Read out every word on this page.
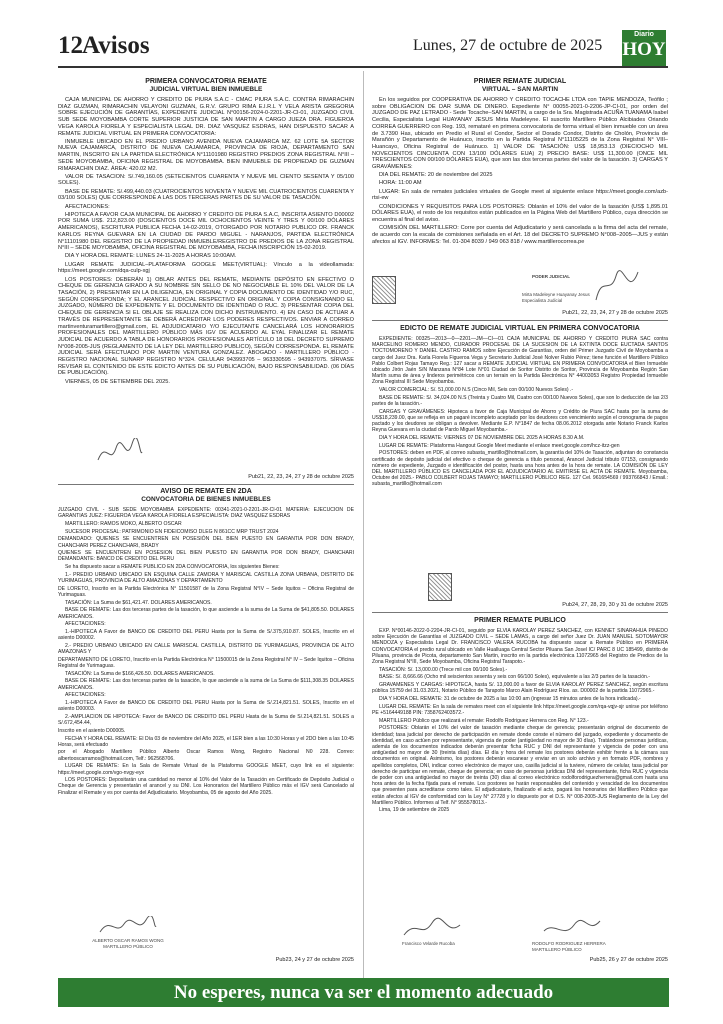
12 Avisos	Lunes, 27 de octubre de 2025
Diario
HOY

PRIMERA CONVOCATORIA REMATE

JUDICIAL VIRTUAL BIEN INMUEBLE

CAJA MUNICIPAL DE AHORRO Y CREDITO DE PIURA S.A.C - CMAC PIURA S.A.C. CONTRA RIMARACHIN DIAZ GUZMAN, RIMARACHIN VELAYONI GUZMAN, G.R.V. GRUPO RIMA E.I.R.L Y VELA ARISTA GREGORIA SOBRE EJECUCIÓN DE GARANTÍAS, EXPEDIENTE JUDICIAL N°00156-2024-0-2201-JR-CI-01, JUZGADO CIVIL SUB SEDE MOYOBAMBA CORTE SUPERIOR JUSTICIA DE SAN MARTIN A CARGO JUEZA DRA. FIGUEROA VEGA KAROLA FIORELA Y ESPECIALISTA LEGAL DR. DIAZ VASQUEZ ESDRAS, HAN DISPUESTO SACAR A REMATE JUDICIAL VIRTUAL EN PRIMERA CONVOCATORIA:

INMUEBLE UBICADO EN EL PREDIO URBANO AVENIDA NUEVA CAJAMARCA MZ. 62 LOTE 5A SECTOR NUEVA CAJAMARCA, DISTRITO DE NUEVA CAJAMARCA, PROVINCIA DE RIOJA, DEPARTAMENTO SAN MARTIN, INSCRITO EN LA PARTIDA ELECTRÓNICA N°11101980 REGISTRO PREDIOS ZONA REGISTRAL N°III – SEDE MOYOBAMBA, OFICINA REGISTRAL DE MOYOBAMBA. BIEN INMUEBLE DE PROPIEDAD DE GUZMAN RIMARACHIN DIAZ. ÁREA: 420.02 M2.

VALOR DE TASACION: S/.749,160.05 (SETECIENTOS CUARENTA Y NUEVE MIL CIENTO SESENTA Y 05/100 SOLES).

BASE DE REMATE: S/.499,440.03 (CUATROCIENTOS NOVENTA Y NUEVE MIL CUATROCIENTOS CUARENTA Y 03/100 SOLES) QUE CORRESPONDE A LAS DOS TERCERAS PARTES DE SU VALOR DE TASACIÓN.

AFECTACIONES:

HIPOTECA A FAVOR CAJA MUNICIPAL DE AHORRO Y CREDITO DE PIURA S.A.C, INSCRITA ASIENTO D00002 POR SUMA US$. 212,823.00 (DOSCIENTOS DOCE MIL OCHOCIENTOS VEINTE Y TRES Y 00/100 DÓLARES AMERICANOS), ESCRITURA PUBLICA FECHA 14-02-2019, OTORGADO POR NOTARIO PUBLICO DR. FRANCK KARLOS REYNA GUEVARA EN LA CIUDAD DE PARDO MIGUEL - NARANJOS, PARTIDA ELECTRÓNICA N°11101980 DEL REGISTRO DE LA PROPIEDAD INMUEBLE/REGISTRO DE PREDIOS DE LA ZONA REGISTRAL N°III – SEDE MOYOBAMBA, OFICINA REGISTRAL DE MOYOBAMBA, FECHA INSCRIPCIÓN 15-02-2019.

DIA Y HORA DEL REMATE: LUNES 24-11-2025 A HORAS 10:00AM.

LUGAR REMATE JUDICIAL–PLATAFORMA GOOGLE MEET(VIRTUAL): Vínculo a la videollamada: https://meet.google.com/dqa-culp-xgj

LOS POSTORES: DEBERÁN 1) OBLAR ANTES DEL REMATE, MEDIANTE DEPÓSITO EN EFECTIVO O CHEQUE DE GERENCIA GIRADO A SU NOMBRE SIN SELLO DE NO NEGOCIABLE EL 10% DEL VALOR DE LA TASACIÓN, 2) PRESENTAR EN LA DILIGENCIA, EN ORIGINAL Y COPIA DOCUMENTO DE IDENTIDAD Y/O RUC, SEGÚN CORRESPONDA; Y EL ARANCEL JUDICIAL RESPECTIVO EN ORIGINAL Y COPIA CONSIGNANDO EL JUZGADO, NÚMERO DE EXPEDIENTE Y EL DOCUMENTO DE IDENTIDAD O RUC. 3) PRESENTAR COPIA DEL CHEQUE DE GERENCIA SI EL OBLAJE SE REALIZA CON DICHO INSTRUMENTO. 4) EN CASO DE ACTUAR A TRAVÉS DE REPRESENTANTE SE DEBERÁ ACREDITAR LOS PODERES RESPECTIVOS. ENVIAR A CORREO martinventuramartillero@gmail.com, EL ADJUDICATARIO Y/O EJECUTANTE CANCELARÁ LOS HONORARIOS PROFESIONALES DEL MARTILLERO PÚBLICO MÁS IGV DE ACUERDO AL EYAL FINALIZAR EL REMATE JUDICIAL DE ACUERDO A TABLA DE HONORARIOS PROFESIONALES ARTÍCULO 18 DEL DECRETO SUPREMO N°008-2005-JUS (REGLAMENTO DE LA LEY DEL MARTILLERO PUBLICO), SEGÚN CORRESPONDA. EL REMATE JUDICIAL SERÁ EFECTUADO POR MARTIN VENTURA GONZALEZ. ABOGADO - MARTILLERO PÚBLICO - REGISTRO NACIONAL SUNARP REGISTRO N°324. CELULAR 943993705 – 963330595 - 943937075. SÍRVASE REVISAR EL CONTENIDO DE ESTE EDICTO ANTES DE SU PUBLICACIÓN, BAJO RESPONSABILIDAD. (06 DÍAS DE PUBLICACIÓN).

VIERNES, 05 DE SETIEMBRE DEL 2025.

Pub21, 22, 23, 24, 27 y 28 de octubre 2025

AVISO DE REMATE EN 2DA

CONVOCATORIA DE BIENES INMUEBLES

JUZGADO CIVIL - SUB SEDE MOYOBAMBA EXPEDIENTE: 00341-2021-0-2201-JR-CI-01 MATERIA: EJECUCION DE GARANTIAS JUEZ: FIGUEROA VEGA KAROLA FIORELA ESPECIALISTA: DIAZ VASQUEZ ESDRAS

MARTILLERO: RAMOS MOKO, ALBERTO OSCAR

SUCESOR PROCESAL: PATRIMONIO EN FIDEICOMISO DLEG N 861CC MRP TRUST 2024

DEMANDADO: QUIENES SE ENCUENTREN EN POSESIÓN DEL BIEN PUESTO EN GARANTIA POR DON BRADY, CHANCHARI PEREZ CHANCHARI, BRADY

QUIENES SE ENCUENTREN EN POSESION DEL BIEN PUESTO EN GARANTIA POR DON BRADY, CHANCHARI DEMANDANTE: BANCO DE CREDITO DEL PERU

Se ha dispuesto sacar a REMATE PUBLICO EN 2DA CONVOCATORIA, los siguientes Bienes:

1.- PREDIO URBANO UBICADO EN ESQUINA CALLE ZAMORA Y MARISCAL CASTILLA ZONA URBANA, DISTRITO DE YURIMAGUAS, PROVINCIA DE ALTO AMAZONAS Y DEPARTAMENTO

DE LORETO, Inscrito en la Partida Electrónica N° 11501587 de la Zona Registral N°IV – Sede Iquitos – Oficina Registral de Yurimaguas.

TASACIÓN: La Suma de $61,421.47. DOLARES AMERICANOS.

BASE DE REMATE: Las dos terceras partes de la tasación, lo que asciende a la suma de La Suma de $41,805.50. DOLARES AMERICANOS.

AFECTACIONES:

1.-HIPOTECA A Favor de BANCO DE CREDITO DEL PERU Hasta por la Suma de S/.375,910.87. SOLES, Inscrito en el asiento D00002.

2.- PREDIO URBANO UBICADO EN CALLE MARISCAL CASTILLA, DISTRITO DE YURIMAGUAS, PROVINCIA DE ALTO AMAZONAS Y

DEPARTAMENTO DE LORETO, Inscrito en la Partida Electrónica N° 11500015 de la Zona Registral N° IV – Sede Iquitos – Oficina Registral de Yurimaguas.

TASACIÓN: La Suma de $166,426.50. DOLARES AMERICANOS.

BASE DE REMATE: Las dos terceras partes de la tasación, lo que asciende a la suma de La Suma de $111,308.35 DOLARES AMERICANOS.

AFECTACIONES:

1.-HIPOTECA A Favor de BANCO DE CREDITO DEL PERU Hasta por la Suma de S/.214,821.51. SOLES, Inscrito en el asiento D00003.

2.-AMPLIACION DE HIPOTECA: Favor de BANCO DE CREDITO DEL PERU Hasta de la Suma de S/.214,821.51. SOLES a S/.672,454.44,

Inscrito en el asiento D00005.

FECHA Y HORA DEL REMATE: El Día 03 de noviembre del Año 2025, el 1ER bien a las 10:30 Horas y el 2DO bien a las 10:45 Horas, será efectuado

por el Abogado Martillero Público Alberto Oscar Ramos Wong, Registro Nacional N0 228. Correo: albertooscarramos@hotmail.com, Telf.: 962568706.

LUGAR DE REMATE: En la Sala de Remate Virtual de la Plataforma GOOGLE MEET, cuyo link es el siguiente: https://meet.google.com/vgo-nvgy-eyx

LOS POSTORES: Depositarán una cantidad no menor al 10% del Valor de la Tasación en Certificado de Depósito Judicial o Cheque de Gerencia y presentarán el arancel y su DNI. Los Honorarios del Martillero Público más el IGV será Cancelado al Finalizar el Remate y es por cuenta del Adjudicatario. Moyobamba, 05 de agosto del Año 2025.

ALBERTO OSCAR RAMOS WONG
MARTILLERO PÚBLICO
Pub23, 24 y 27 de octubre 2025

PRIMER REMATE JUDICIAL

VIRTUAL – SAN MARTIN

En los seguidos por COOPERATIVA DE AHORRO Y CREDITO TOCACHE LTDA con TAPIE MENDOZA, Teófilo ; sobre OBLIGACION DE DAR SUMA DE DINERO. Expediente N° 00055-2021-0-2206-JP-CI-01, por orden del JUZGADO DE PAZ LETRADO - Sede Tocache–SAN MARTIN, a cargo de la Sra. Magistrada ACUÑA TUANAMA Isabel Cecilia, Especialista Legal HUAYANAY JESUS Mirta Madeleyne. El suscrito Martillero Público Alcibiades Oriando CORREA GUERRERO con Reg. 193, remataré en primera convocatoria de forma virtual el bien inmueble con un área de 3.7390 Has, ubicado en Predio el Rural el Condor, Sector el Dorado Condor, Distrito de Cholón, Provincia de Marañón y Departamento de Huánuco, inscrito en la Partida Registral N°11105225 de la Zona Registral N° VIII–Huancayo, Oficina Registral de Huánuco. 1) VALOR DE TASACIÓN: US$ 18,953.13 (DIECIOCHO MIL NOVECIENTOS CINCUENTA CON 13/100 DÓLARES EUA) 2) PRECIO BASE: US$ 11,300.00 (ONCE MIL TRESCIENTOS CON 00/100 DÓLARES EUA), que son las dos terceras partes del valor de la tasación. 3) CARGAS Y GRAVÁMENES:

DIA DEL REMATE: 20 de noviembre del 2025

HORA: 11:00 AM

LUGAR: En sala de remates judiciales virtuales de Google meet al siguiente enlace https://meet.google.com/azb-rtsi-ew

CONDICIONES Y REQUISITOS PARA LOS POSTORES: Oblarán el 10% del valor de la tasación (US$ 1,895.01 DÓLARES EUA), el resto de los requisitos están publicados en la Página Web del Martillero Público, cuya dirección se encuentra al final del aviso.

COMISIÓN DEL MARTILLERO: Corre por cuenta del Adjudicatario y será cancelada a la firma del acta del remate, de acuerdo con la escala de comisiones señalada en el Art. 18 del DECRETO SUPREMO N°008–2005—JUS y están afectos al IGV. INFORMES: Tel. 01-304 8039 / 949 063 818 / www.martillerocorrea.pe

PODER JUDICIAL
Mirta Madeleyne Huayanay Jesus
Especialista Judicial
Pub21, 22, 23, 24, 27 y 28 de octubre 2025

EDICTO DE REMATE JUDICIAL VIRTUAL EN PRIMERA CONVOCATORIA

EXPEDIENTE: 00325—2013—0—2201—JM—CI—01 CAJA MUNICIPAL DE AHORRO Y CREDITO PIURA SAC contra MARCELINO ROMERO MENDO, CURADOR PROCESAL DE LA SUCESION DE LA EXTINTA DOCE EUCTADA SANTOS TOCTOMORENO Y DANIEL CASTRO RAMOS sobre Ejecución de Garantías, orden del Primer Juzgado Civil de Moyobamba a cargo del Juez Dra. Karla Fiorela Figueroa Vega y Secretario Judicial José Nolver Rubio Pérez; tiene función el Martillero Público Pablo Colbert Rojas Tamayo Reg.: 127 sacar a REMATE JUDICIAL VIRTUAL EN PRIMERA CONVOCATORIA el Bien Inmueble ubicado Jirón Jaén S/N Manzana N°84 Lote N°01 Ciudad de Soritor Distrito de Soritor, Provincia de Moyobamba Región San Martín suma de área y linderos perimétricos con un terrain en la Partida Electrónica N° 44003053 Registro Propiedad Inmueble Zona Registral III Sede Moyobamba.

VALOR COMERCIAL: S/. 51,000.00 N.S (Cinco Mil, Seis con 00/100 Nuevos Soles) .-

BASE DE REMATE: S/. 34,024.00 N.S (Treinta y Cuatro Mil, Cuatro con 00/100 Nuevos Soles), que son lo deducción de las 2/3 partes de la tasación.-

CARGAS Y GRAVÁMENES: Hipoteca a favor de Caja Municipal de Ahorro y Crédito de Piura SAC hasta por la suma de US$18,239.00, que se refleja en un pagaré incompleto aceptado por los deudores con vencimiento según el cronograma de pagos pactado y los deudores se obligan a devolver. Mediante E.P. N°1847 de fecha 08.06.2012 otorgada ante Notario Franck Karlos Reyna Guevara en la ciudad de Pardo Miguel Moyobamba.-

DIA Y HORA DEL REMATE: VIERNES 07 DE NOVIEMBRE DEL 2025 A HORAS 8.30 A.M.

LUGAR DE REMATE: Plataforma Hangout Google Meet mediante el enlace meet.google.com/hcz-itzz-gen

POSTORES: deben en PDF, al correo subasta_martillo@hotmail.com, la garantía del 10% de Tasación, adjuntan do constancia certificado de depósito judicial del efectivo o cheque de gerencia a título personal, Arancel Judicial tributo 07153, consignando número de expediente, Juzgado e identificación del postor, hasta una hora antes de la hora de remate. LA COMISIÓN DE LEY DEL MARTILLERO PÚBLICO ES CANCELADA POR EL ADJUDICATARIO AL EMITIRSE EL ACTA DE REMATE. Moyobamba, Octubre del 2025.- PABLO COLBERT ROJAS TAMAYO; MARTILLERO PÚBLICO REG. 127 Cel. 961654569 / 993766843 / Email.: subasta_martillo@hotmail.com

Pub24, 27, 28, 29, 30 y 31 de octubre 2025

PRIMER REMATE PUBLICO

EXP. N°00146-2022-0-2204-JR-CI-01, seguido por ELVIA KAROLAY PEREZ SANCHEZ, con KENNET SINARAHUA PINEDO sobre Ejecución de Garantías el JUZGADO CIVIL – SEDE LAMAS, a cargo del señor Juez Dr. JUAN MANUEL SOTOMAYOR MENDOZA y Especialista Legal Dr. FRANCISCO VALERA RUCOBA ha dispuesto sacar a Remate Público en PRIMERA CONVOCATORIA el predio rural ubicado en Valle Hualluaga Central Sector Piluana San Josel IC/ PARC 8 UC 185499, distrito de Piluana, provincia de Picota, departamento San Martin, inscrito en la partida electrónica 11072965 del Registro de Predios de la Zona Registral N°III, Sede Moyobamba, Oficina Registral Tarapoto.-

TASACIÓN: S/. 13,000.00 (Trece mil con 00/100 Soles).-

BASE: S/. 8,666.66 (Ocho mil seiscientos sesenta y seis con 66/100 Soles), equivalente a las 2/3 partes de la tasación.-

GRAVAMENES Y CARGAS: HIPOTECA, hasta S/. 13,000.00 a favor de ELVIA KAROLAY PEREZ SANCHEZ, según escritura pública 15759 del 31.03.2021, Notario Público de Tarapoto Marco Alain Rodríguez Ríos. as. D00002 de la partida 11072965.-

DIA Y HORA DEL REMATE: 31 de octubre de 2025 a las 10:00 am (ingresar 15 minutos antes de la hora indicada).-

LUGAR DEL REMATE: En la sala de remates meet con el siguiente link https://meet.google.com/rqa-vqjv-sjr unirse por teléfono PE +5164449188 PIN: 7358762403572.-

MARTILLERO Público que realizará el remate: Rodolfo Rodriguez Herrera con Reg. N° 123.-

POSTORES: Oblarán el 10% del valor de tasación mediante cheque de gerencia; presentarán original de documento de identidad; tasa judicial por derecho de participación en remate donde conste el número del juzgado, expediente y documento de identidad, en caso actúen por representante, vigencia de poder (antigüedad no mayor de 30 días). Tratándose personas jurídicas, además de los documentos indicados deberán presentar ficha RUC y DNI del representante y vigencia de poder con una antigüedad no mayor de 30 (treinta días) días. El día y hora del remate los postores deberán exhibir frente a la cámara sus documentos en original. Asimismo, los postores deberán escanear y enviar en un solo archivo y en formato PDF, nombres y apellidos completos, DNI, indicar correo electrónico de mayor uso, casilla judicial si la tuviere, número de celular, tasa judicial por derecho de participar en remate, cheque de gerencia; en caso de personas jurídicas DNI del representante, ficha RUC y vigencia de poder con una antigüedad no mayor de treinta (30) días al correo electrónico rodolforodriguezherrera@gmail.com hasta una hora antes de la fecha fijada para el remate. Los postores se harán responsables del contenido y veracidad de los documentos que presenten para acreditarse como tales. El adjudicatario, finalizado el acto, pagará los honorarios del Martillero Público que están afectos al IGV de conformidad con la Ley N° 27728 y lo dispuesto por el D.S. N° 008-2005-JUS Reglamento de la Ley del Martillero Público. Informes al Telf. N° 955578013.-

Lima, 19 de setiembre de 2025

Francisco Velarde Rucoba	RODOLFO RODRIGUEZ HERRERA
MARTILLERO PÚBLICO
Pub25, 26 y 27 de octubre 2025
No esperes, nunca va ser el momento adecuado
